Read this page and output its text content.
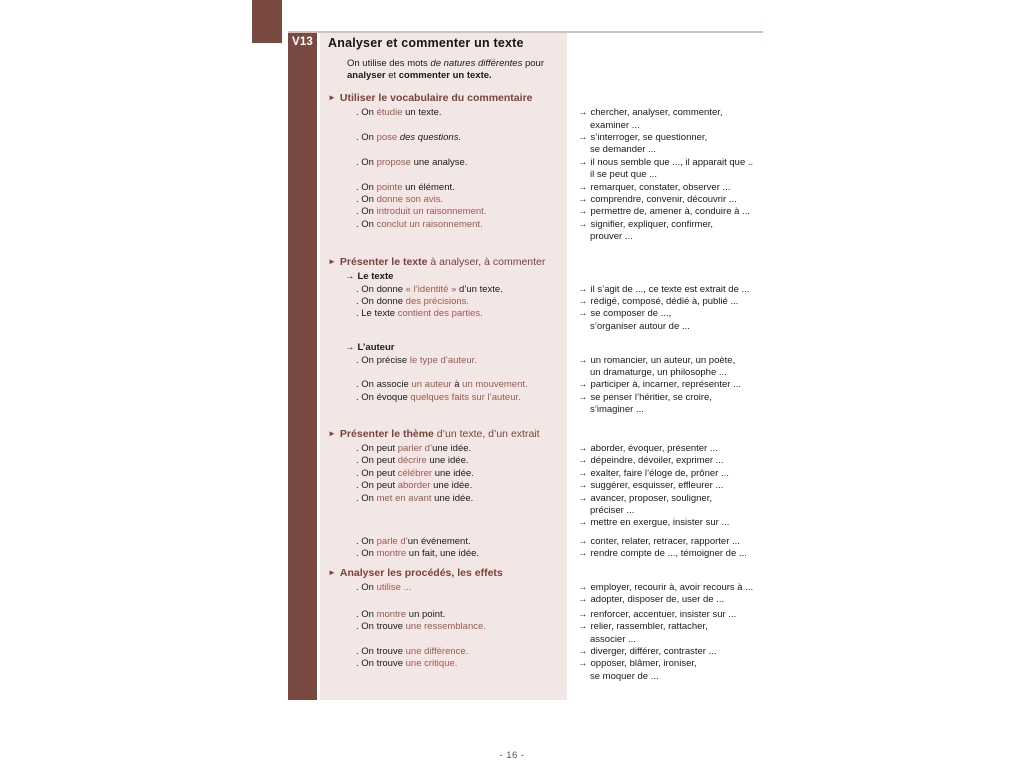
V13	Analyser et commenter un texte
On utilise des mots de natures différentes pour
analyser et commenter un texte.
► Utiliser le vocabulaire du commentaire
. On étudie un texte.	→ chercher, analyser, commenter,
examiner ...
. On pose des questions.	→ s’interroger, se questionner,
se demander ...
. On propose une analyse.	→ il nous semble que ..., il apparait que ..
il se peut que ...
. On pointe un élément.	→ remarquer, constater, observer ...
. On donne son avis.	→ comprendre, convenir, découvrir ...
. On introduit un raisonnement.	→ permettre de, amener à, conduire à ...
. On conclut un raisonnement.	→ signifier, expliquer, confirmer,
prouver ...
► Présenter le texte à analyser, à commenter
→ Le texte
. On donne « l’identité » d’un texte.	→ il s’agit de ..., ce texte est extrait de ...
. On donne des précisions.	→ rédigé, composé, dédié à, publié ...
. Le texte contient des parties.	→ se composer de ...,
s’organiser autour de ...
→ L’auteur
. On précise le type d’auteur.	→ un romancier, un auteur, un poète,
un dramaturge, un philosophe ...
. On associe un auteur à un mouvement.	→ participer à, incarner, représenter ...
. On évoque quelques faits sur l’auteur.	→ se penser l’héritier, se croire,
s’imaginer ...
► Présenter le thème d’un texte, d’un extrait
. On peut parler d’une idée.	→ aborder, évoquer, présenter ...
. On peut décrire une idée.	→ dépeindre, dévoiler, exprimer ...
. On peut célébrer une idée.	→ exalter, faire l’éloge de, prôner ...
. On peut aborder une idée.	→ suggérer, esquisser, effleurer ...
. On met en avant une idée.	→ avancer, proposer, souligner,
préciser ...
→ mettre en exergue, insister sur ...
. On parle d’un événement.	→ conter, relater, retracer, rapporter ...
. On montre un fait, une idée.	→ rendre compte de ..., témoigner de ...
► Analyser les procédés, les effets
. On utilise ...	→ employer, recourir à, avoir recours à ...
→ adopter, disposer de, user de ...
. On montre un point.	→ renforcer, accentuer, insister sur ...
. On trouve une ressemblance.	→ relier, rassembler, rattacher,
associer ...
. On trouve une différence.	→ diverger, différer, contraster ...
. On trouve une critique.	→ opposer, blâmer, ironiser,
se moquer de ...
- 16 -
